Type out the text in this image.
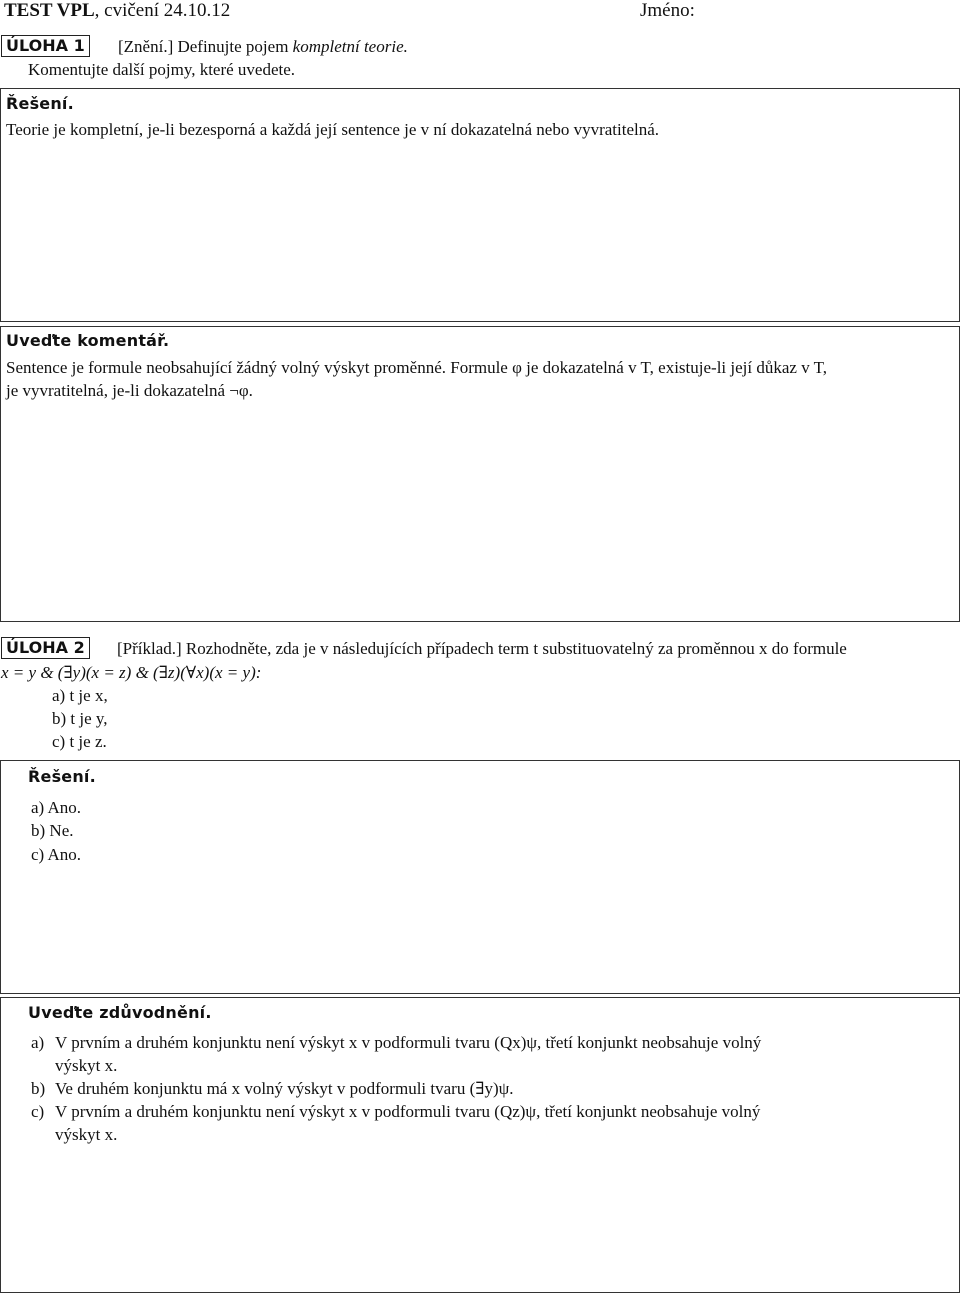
TEST VPL, cvičení 24.10.12	Jméno:
ÚLOHA 1 [Znění.] Definujte pojem kompletní teorie.
Komentujte další pojmy, které uvedete.
Řešení.
Teorie je kompletní, je-li bezesporná a každá její sentence je v ní dokazatelná nebo vyvratitelná.
Uveďte komentář.
Sentence je formule neobsahující žádný volný výskyt proměnné. Formule φ je dokazatelná v T, existuje-li její důkaz v T,
je vyvratitelná, je-li dokazatelná ¬φ.
ÚLOHA 2 [Příklad.] Rozhodněte, zda je v následujících případech term t substituovatelný za proměnnou x do formule
x = y & (∃y)(x = z) & (∃z)(∀x)(x = y):
a) t je x,
b) t je y,
c) t je z.
Řešení.
a) Ano.
b) Ne.
c) Ano.
Uveďte zdůvodnění.
a) V prvním a druhém konjunktu není výskyt x v podformuli tvaru (Qx)ψ, třetí konjunkt neobsahuje volný
výskyt x.
b) Ve druhém konjunktu má x volný výskyt v podformuli tvaru (∃y)ψ.
c) V prvním a druhém konjunktu není výskyt x v podformuli tvaru (Qz)ψ, třetí konjunkt neobsahuje volný
výskyt x.
